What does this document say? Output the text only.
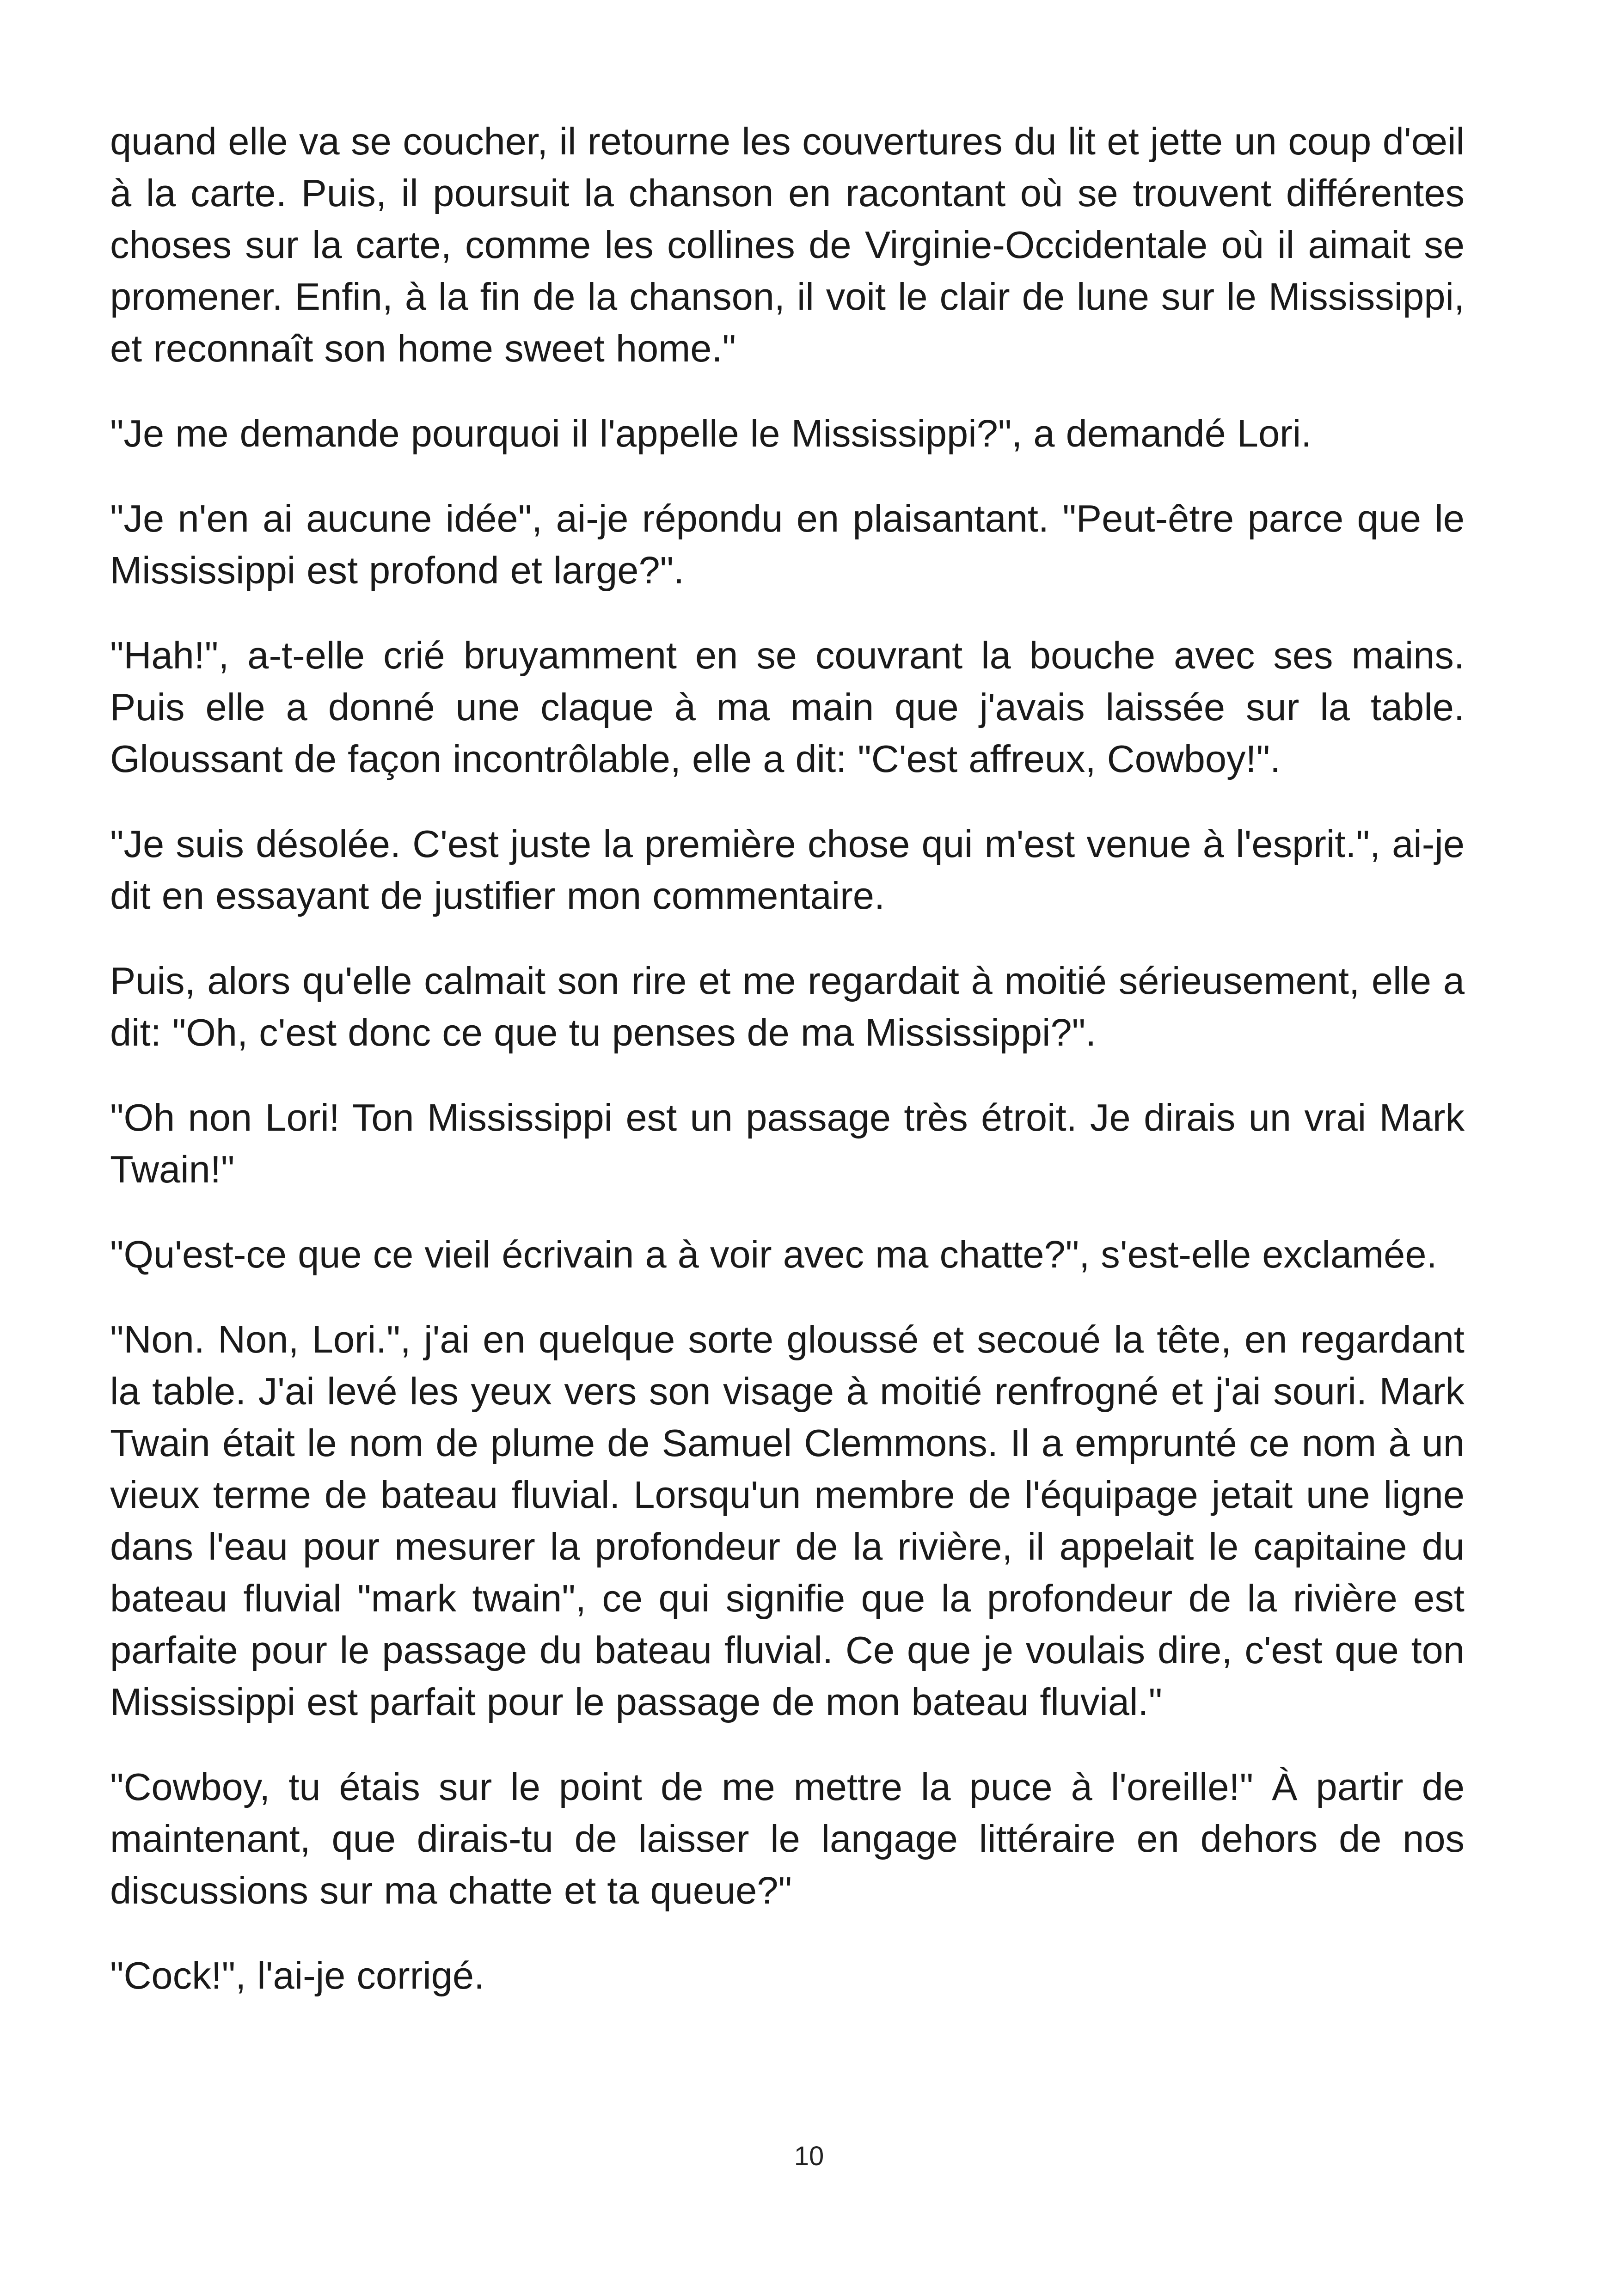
quand elle va se coucher, il retourne les couvertures du lit et jette un coup d'œil à la carte. Puis, il poursuit la chanson en racontant où se trouvent différentes choses sur la carte, comme les collines de Virginie-Occidentale où il aimait se promener. Enfin, à la fin de la chanson, il voit le clair de lune sur le Mississippi, et reconnaît son home sweet home."

"Je me demande pourquoi il l'appelle le Mississippi?", a demandé Lori.

"Je n'en ai aucune idée", ai-je répondu en plaisantant. "Peut-être parce que le Mississippi est profond et large?".

"Hah!", a-t-elle crié bruyamment en se couvrant la bouche avec ses mains. Puis elle a donné une claque à ma main que j'avais laissée sur la table. Gloussant de façon incontrôlable, elle a dit: "C'est affreux, Cowboy!".

"Je suis désolée. C'est juste la première chose qui m'est venue à l'esprit.", ai-je dit en essayant de justifier mon commentaire.

Puis, alors qu'elle calmait son rire et me regardait à moitié sérieusement, elle a dit: "Oh, c'est donc ce que tu penses de ma Mississippi?".

"Oh non Lori! Ton Mississippi est un passage très étroit. Je dirais un vrai Mark Twain!"

"Qu'est-ce que ce vieil écrivain a à voir avec ma chatte?", s'est-elle exclamée.

"Non. Non, Lori.", j'ai en quelque sorte gloussé et secoué la tête, en regardant la table. J'ai levé les yeux vers son visage à moitié renfrogné et j'ai souri. Mark Twain était le nom de plume de Samuel Clemmons. Il a emprunté ce nom à un vieux terme de bateau fluvial. Lorsqu'un membre de l'équipage jetait une ligne dans l'eau pour mesurer la profondeur de la rivière, il appelait le capitaine du bateau fluvial "mark twain", ce qui signifie que la profondeur de la rivière est parfaite pour le passage du bateau fluvial. Ce que je voulais dire, c'est que ton Mississippi est parfait pour le passage de mon bateau fluvial."

"Cowboy, tu étais sur le point de me mettre la puce à l'oreille!" À partir de maintenant, que dirais-tu de laisser le langage littéraire en dehors de nos discussions sur ma chatte et ta queue?"

"Cock!", l'ai-je corrigé.

10
